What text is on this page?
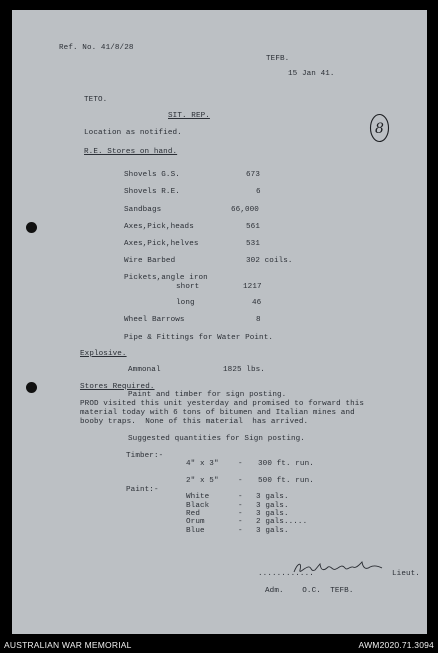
Ref. No. 41/8/28
TEFB.
15 Jan 41.
TETO.
SIT. REP.
8
Location as notified.
R.E. Stores on hand.
Shovels G.S.	673
Shovels R.E.	6
Sandbags	66,000
Axes,Pick,heads	561
Axes,Pick,helves	531
Wire Barbed	302 coils.
Pickets,angle iron
short	1217
long	46
Wheel Barrows	8
Pipe & Fittings for Water Point.
Explosive.
Ammonal	1825 lbs.
Stores Required.
Paint and timber for sign posting.
PROD visited this unit yesterday and promised to forward this
material today with 6 tons of bitumen and Italian mines and
booby traps.  None of this material  has arrived.
Suggested quantities for Sign posting.
Timber:-
4" x 3"	- 300 ft. run.
2" x 5"	- 500 ft. run.
Paint:-
White	- 3 gals.
Black	- 3 gals.
Red	- 3 gals.
Orum	- 2 gals.....
Blue	- 3 gals.
............	Lieut.
Adm.    O.C.  TEFB.
AUSTRALIAN WAR MEMORIAL	AWM2020.71.3094
